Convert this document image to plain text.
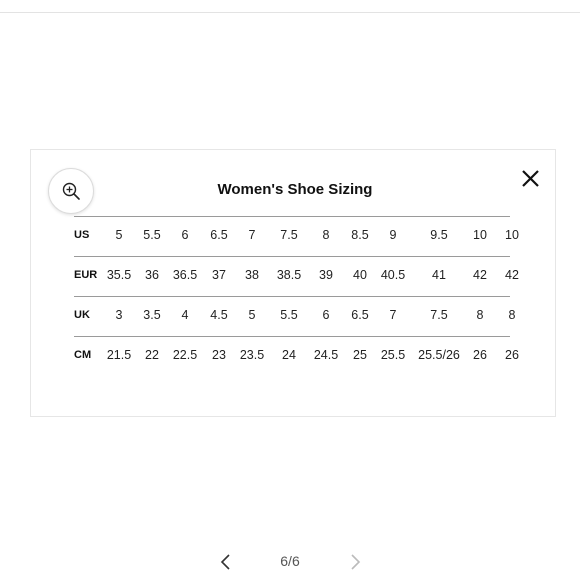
Women's Shoe Sizing
US 5 5.5 6 6.5 7 7.5 8 8.5 9	9.5 10 10
EUR 35.5 36 36.5 37 38 38.5 39 40 40.5 41 42 42
UK 3 3.5 4 4.5 5 5.5 6 6.5 7	7.5 8 8
CM 21.5 22 22.5 23 23.5 24 24.5 25 25.5 25.5/26 26 26
6/6
